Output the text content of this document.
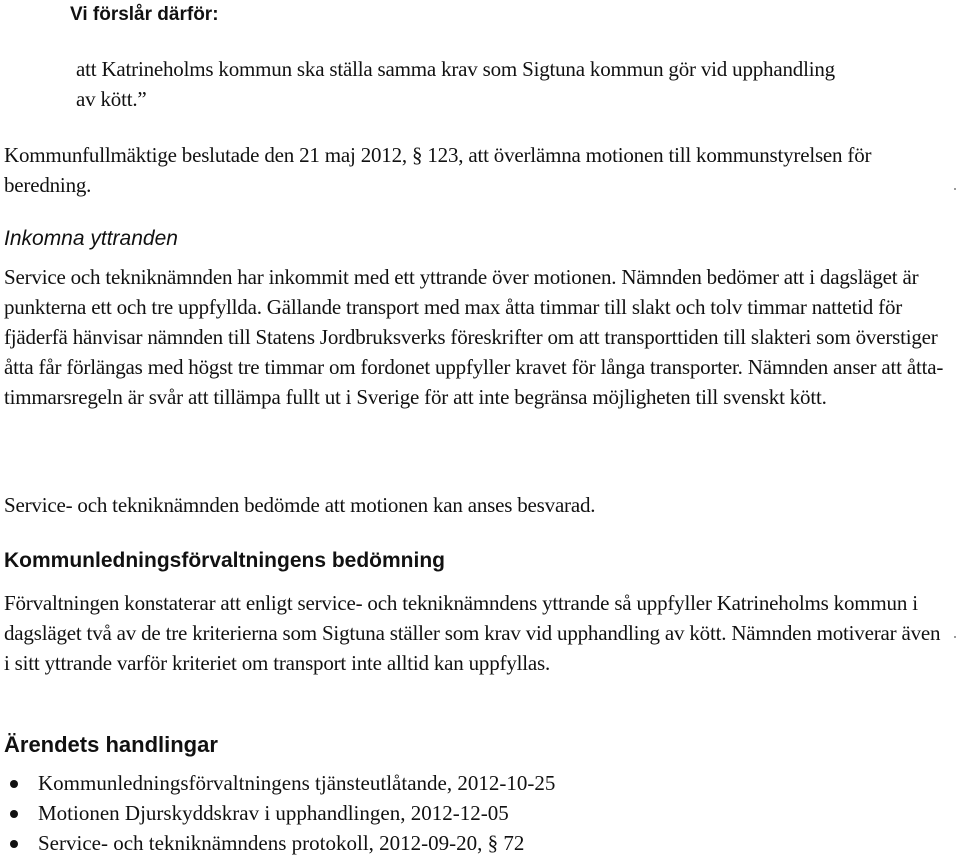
Vi förslår därför:

att Katrineholms kommun ska ställa samma krav som Sigtuna kommun gör vid upphandling av kött.”

Kommunfullmäktige beslutade den 21 maj 2012, § 123, att överlämna motionen till kommunstyrelsen för beredning.

Inkomna yttranden

Service och tekniknämnden har inkommit med ett yttrande över motionen. Nämnden bedömer att i dagsläget är punkterna ett och tre uppfyllda. Gällande transport med max åtta timmar till slakt och tolv timmar nattetid för fjäderfä hänvisar nämnden till Statens Jordbruksverks föreskrifter om att transporttiden till slakteri som överstiger åtta får förlängas med högst tre timmar om fordonet uppfyller kravet för långa transporter. Nämnden anser att åtta-timmarsregeln är svår att tillämpa fullt ut i Sverige för att inte begränsa möjligheten till svenskt kött.

Service- och tekniknämnden bedömde att motionen kan anses besvarad.

Kommunledningsförvaltningens bedömning

Förvaltningen konstaterar att enligt service- och tekniknämndens yttrande så uppfyller Katrineholms kommun i dagsläget två av de tre kriterierna som Sigtuna ställer som krav vid upphandling av kött. Nämnden motiverar även i sitt yttrande varför kriteriet om transport inte alltid kan uppfyllas.

Ärendets handlingar
Kommunledningsförvaltningens tjänsteutlåtande, 2012-10-25
Motionen Djurskyddskrav i upphandlingen, 2012-12-05
Service- och tekniknämndens protokoll, 2012-09-20, § 72
